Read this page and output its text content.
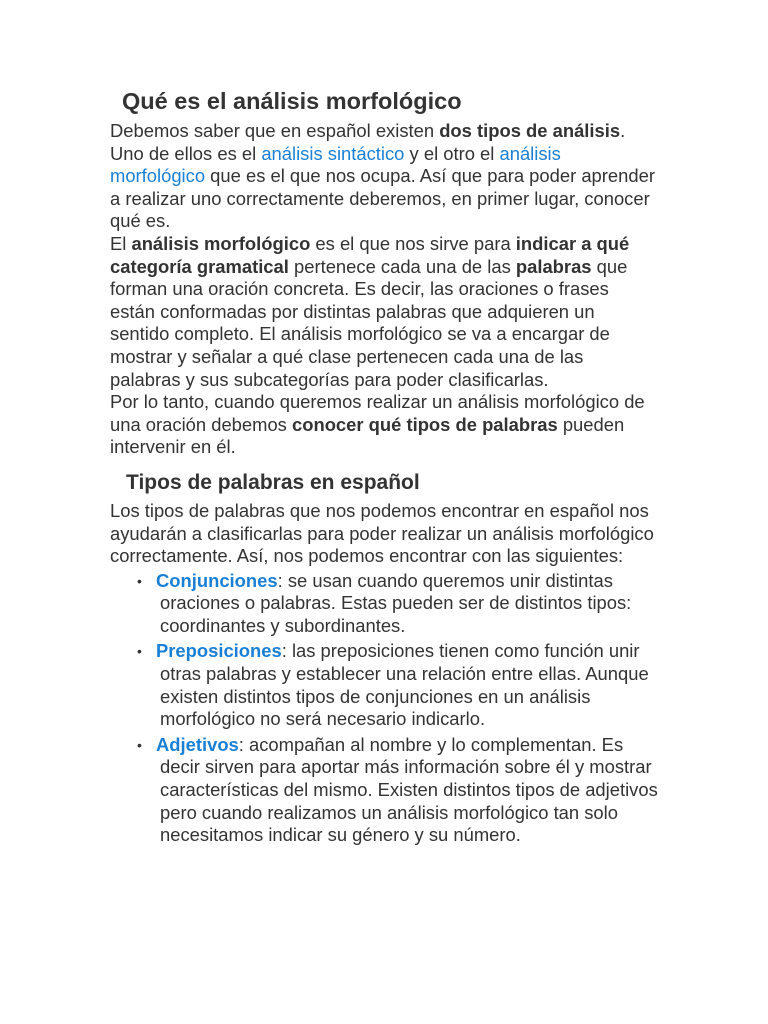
Qué es el análisis morfológico

Debemos saber que en español existen dos tipos de análisis. Uno de ellos es el análisis sintáctico y el otro el análisis morfológico que es el que nos ocupa. Así que para poder aprender a realizar uno correctamente deberemos, en primer lugar, conocer qué es.

El análisis morfológico es el que nos sirve para indicar a qué categoría gramatical pertenece cada una de las palabras que forman una oración concreta. Es decir, las oraciones o frases están conformadas por distintas palabras que adquieren un sentido completo. El análisis morfológico se va a encargar de mostrar y señalar a qué clase pertenecen cada una de las palabras y sus subcategorías para poder clasificarlas.

Por lo tanto, cuando queremos realizar un análisis morfológico de una oración debemos conocer qué tipos de palabras pueden intervenir en él.

Tipos de palabras en español

Los tipos de palabras que nos podemos encontrar en español nos ayudarán a clasificarlas para poder realizar un análisis morfológico correctamente. Así, nos podemos encontrar con las siguientes:

• Conjunciones: se usan cuando queremos unir distintas oraciones o palabras. Estas pueden ser de distintos tipos: coordinantes y subordinantes.
• Preposiciones: las preposiciones tienen como función unir otras palabras y establecer una relación entre ellas. Aunque existen distintos tipos de conjunciones en un análisis morfológico no será necesario indicarlo.
• Adjetivos: acompañan al nombre y lo complementan. Es decir sirven para aportar más información sobre él y mostrar características del mismo. Existen distintos tipos de adjetivos pero cuando realizamos un análisis morfológico tan solo necesitamos indicar su género y su número.
